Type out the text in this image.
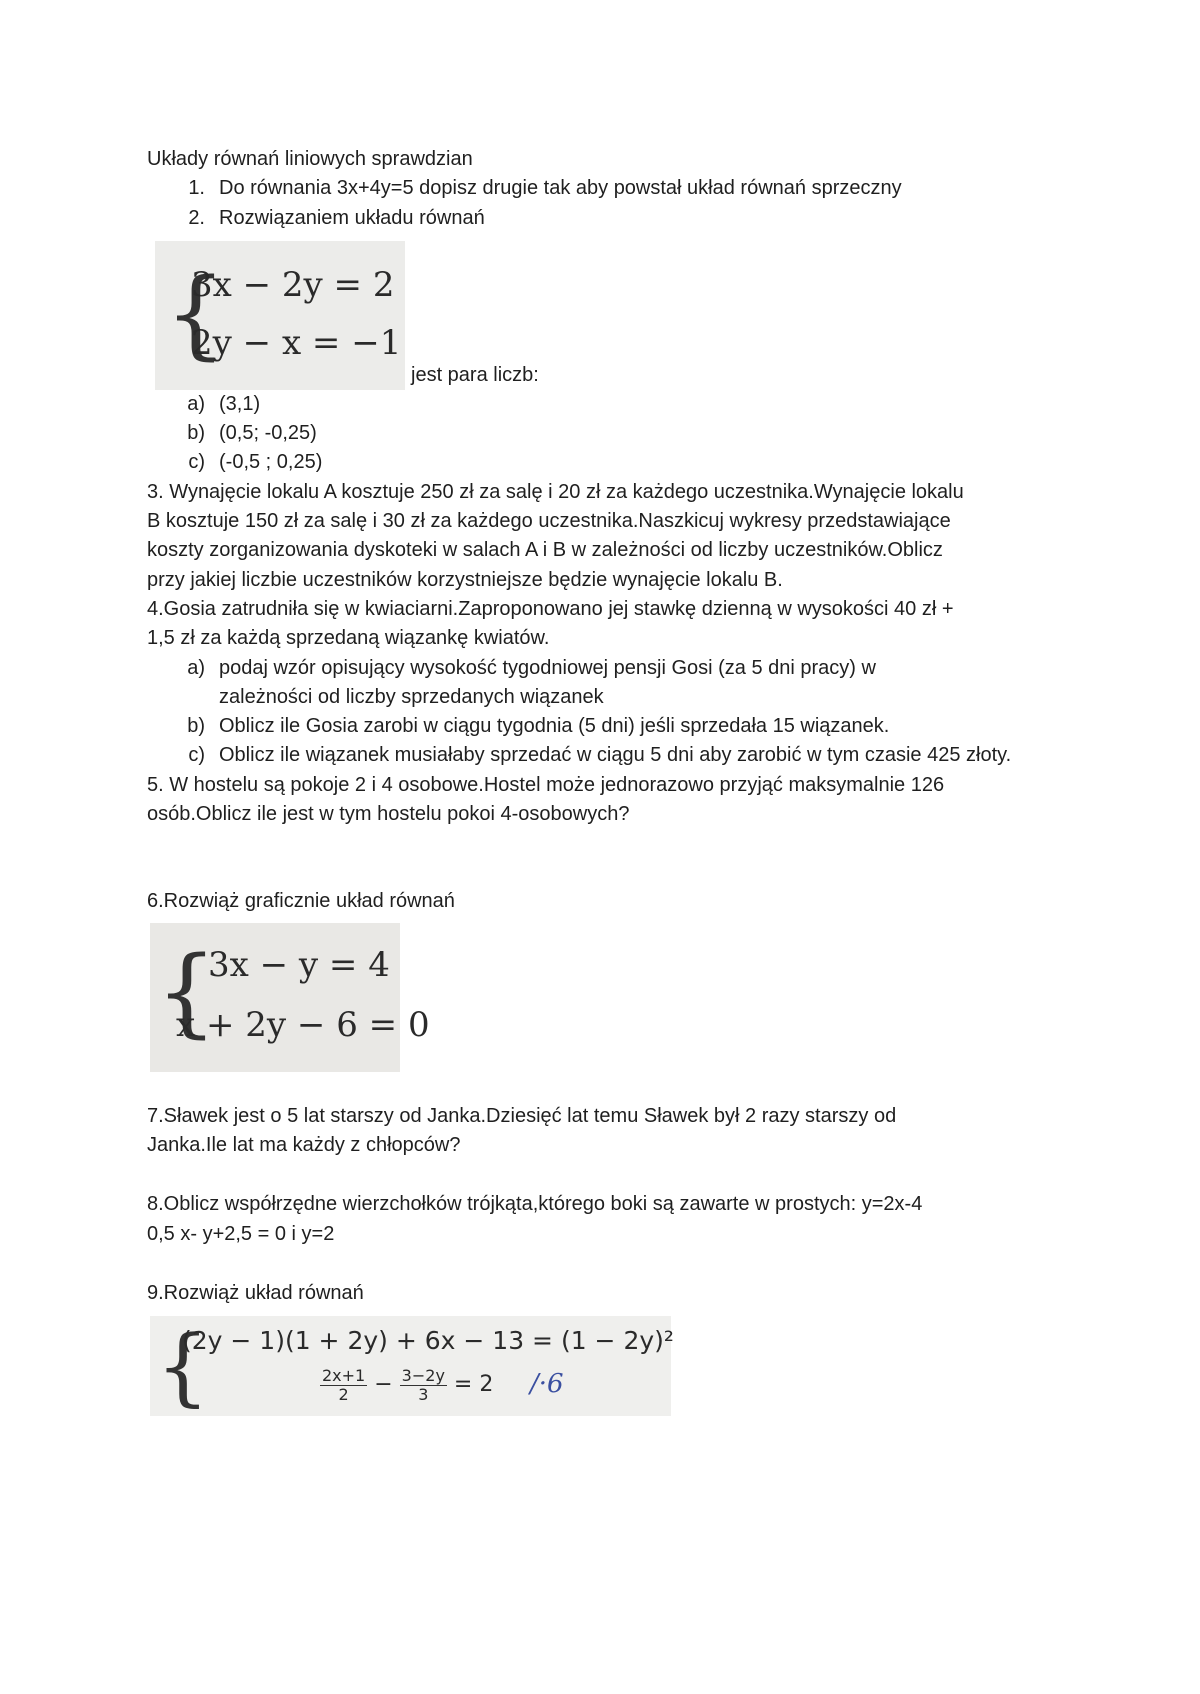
Układy równań liniowych sprawdzian
1. Do równania 3x+4y=5 dopisz drugie tak aby powstał układ równań sprzeczny
2. Rozwiązaniem układu równań
{
3x − 2y = 2
2y − x = −1
jest para liczb:
a) (3,1)
b) (0,5; -0,25)
c) (-0,5 ; 0,25)
3. Wynajęcie lokalu A kosztuje 250 zł za salę i 20 zł za każdego uczestnika.Wynajęcie lokalu
B kosztuje 150 zł za salę i 30 zł za każdego uczestnika.Naszkicuj wykresy przedstawiające
koszty zorganizowania dyskoteki w salach A i B w zależności od liczby uczestników.Oblicz
przy jakiej liczbie uczestników korzystniejsze będzie wynajęcie lokalu B.
4.Gosia zatrudniła się w kwiaciarni.Zaproponowano jej stawkę dzienną w wysokości 40 zł +
1,5 zł za każdą sprzedaną wiązankę kwiatów.
a) podaj wzór opisujący wysokość tygodniowej pensji Gosi (za 5 dni pracy) w zależności od liczby sprzedanych wiązanek
b) Oblicz ile Gosia zarobi w ciągu tygodnia (5 dni) jeśli sprzedała 15 wiązanek.
c) Oblicz ile wiązanek musiałaby sprzedać w ciągu 5 dni aby zarobić w tym czasie 425 złoty.
5. W hostelu są pokoje 2 i 4 osobowe.Hostel może jednorazowo przyjąć maksymalnie 126
osób.Oblicz ile jest w tym hostelu pokoi 4-osobowych?
6.Rozwiąż graficznie układ równań
{
3x − y = 4
x + 2y − 6 = 0
7.Sławek jest o 5 lat starszy od Janka.Dziesięć lat temu Sławek był 2 razy starszy od
Janka.Ile lat ma każdy z chłopców?
8.Oblicz współrzędne wierzchołków trójkąta,którego boki są zawarte w prostych: y=2x-4
0,5 x- y+2,5 = 0 i y=2
9.Rozwiąż układ równań
{
(2y − 1)(1 + 2y) + 6x − 13 = (1 − 2y)²
$\frac{2x+1}{2} - \frac{3-2y}{3} = 2$ /·6
